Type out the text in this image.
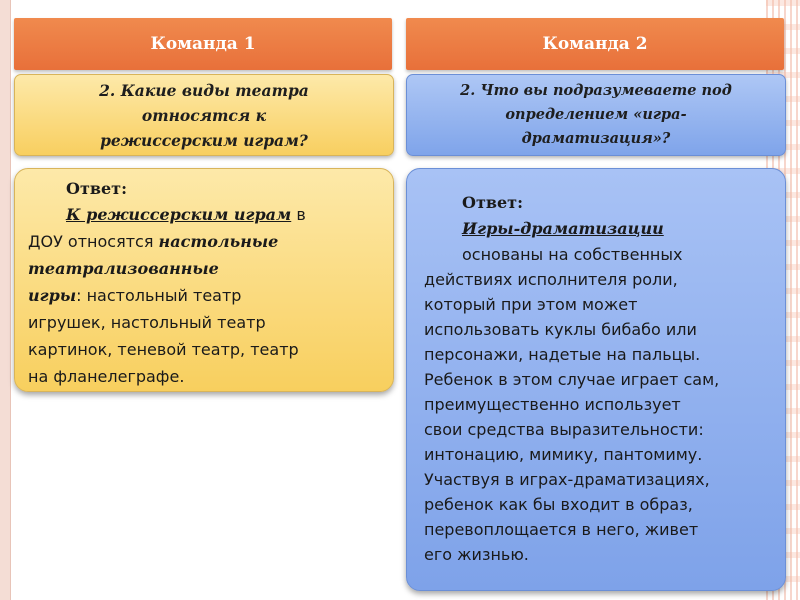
Команда 1	Команда 2
2. Какие виды театра
относятся к
режиссерским играм?
2. Что вы подразумеваете под
определением «игра-
драматизация»?
Ответ:
К режиссерским играм в
ДОУ относятся настольные
театрализованные
игры: настольный театр
игрушек, настольный театр
картинок, теневой театр, театр
на фланелеграфе.
Ответ:
Игры-драматизации
основаны на собственных
действиях исполнителя роли,
который при этом может
использовать куклы бибабо или
персонажи, надетые на пальцы.
Ребенок в этом случае играет сам,
преимущественно использует
свои средства выразительности:
интонацию, мимику, пантомиму.
Участвуя в играх-драматизациях,
ребенок как бы входит в образ,
перевоплощается в него, живет
его жизнью.
